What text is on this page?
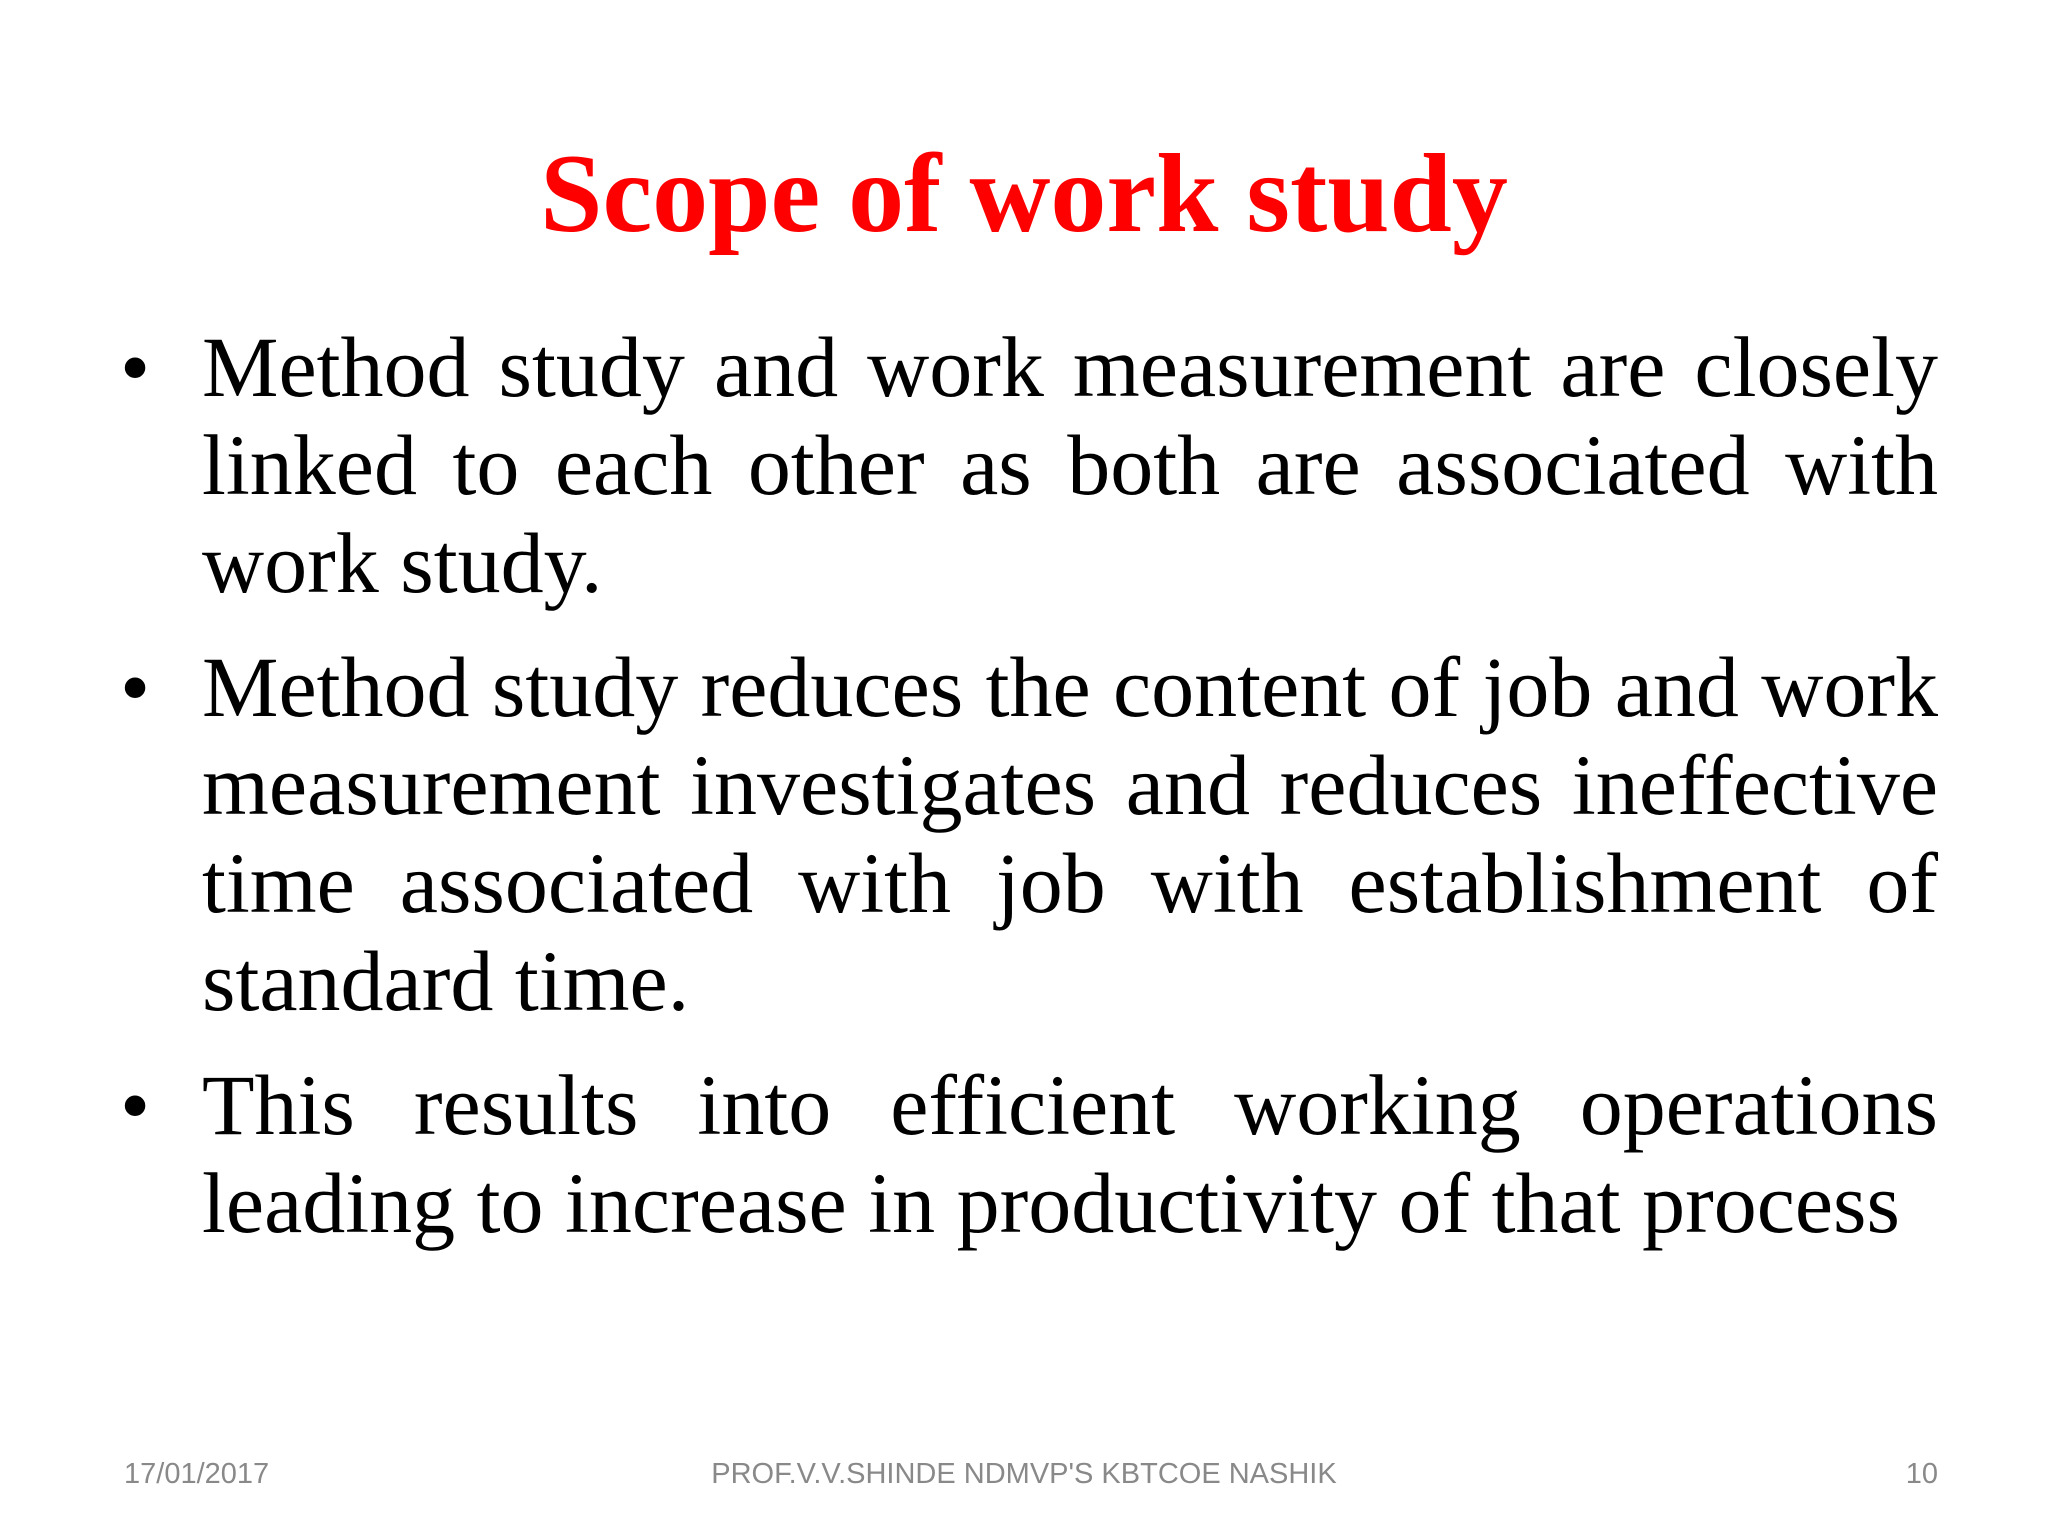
Scope of work study
• Method study and work measurement are closely linked to each other as both are associated with work study.
• Method study reduces the content of job and work measurement investigates and reduces ineffective time associated with job with establishment of standard time.
• This results into efficient working operations leading to increase in productivity of that process
17/01/2017	PROF.V.V.SHINDE NDMVP'S KBTCOE NASHIK	10
